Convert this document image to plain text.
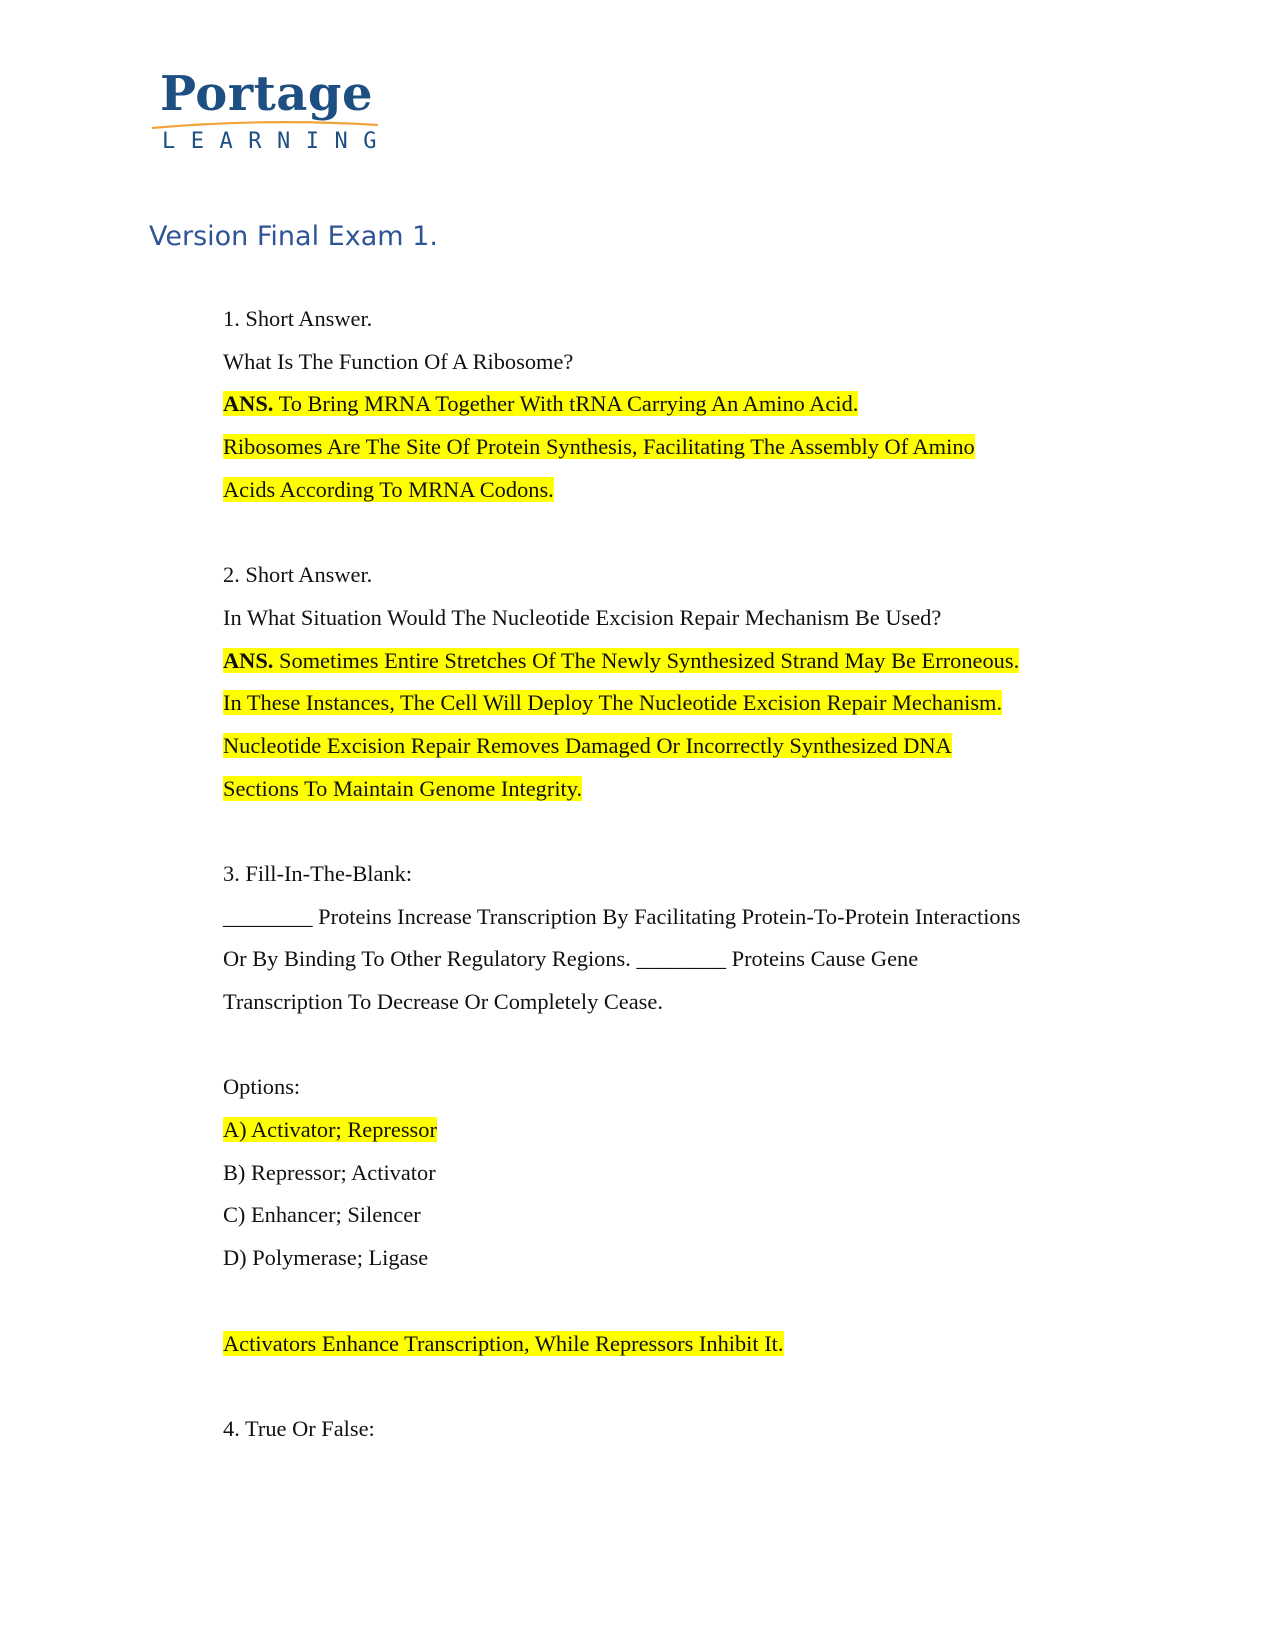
Portage
LEARNING
Version Final Exam 1.
1. Short Answer.
What Is The Function Of A Ribosome?
ANS. To Bring MRNA Together With tRNA Carrying An Amino Acid.
Ribosomes Are The Site Of Protein Synthesis, Facilitating The Assembly Of Amino
Acids According To MRNA Codons.
2. Short Answer.
In What Situation Would The Nucleotide Excision Repair Mechanism Be Used?
ANS. Sometimes Entire Stretches Of The Newly Synthesized Strand May Be Erroneous.
In These Instances, The Cell Will Deploy The Nucleotide Excision Repair Mechanism.
Nucleotide Excision Repair Removes Damaged Or Incorrectly Synthesized DNA
Sections To Maintain Genome Integrity.
3. Fill-In-The-Blank:
________ Proteins Increase Transcription By Facilitating Protein-To-Protein Interactions
Or By Binding To Other Regulatory Regions. ________ Proteins Cause Gene
Transcription To Decrease Or Completely Cease.
Options:
A) Activator; Repressor
B) Repressor; Activator
C) Enhancer; Silencer
D) Polymerase; Ligase
Activators Enhance Transcription, While Repressors Inhibit It.
4. True Or False:
